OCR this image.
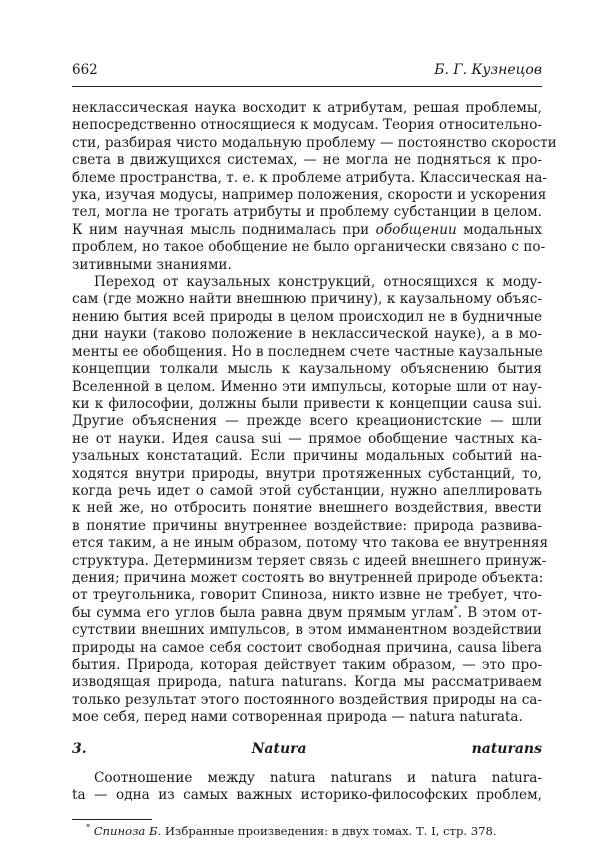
662	Б. Г. Кузнецов
неклассическая наука восходит к атрибутам, решая проблемы,
непосредственно относящиеся к модусам. Теория относительно-
сти, разбирая чисто модальную проблему — постоянство скорости
света в движущихся системах, — не могла не подняться к про-
блеме пространства, т. е. к проблеме атрибута. Классическая на-
ука, изучая модусы, например положения, скорости и ускорения
тел, могла не трогать атрибуты и проблему субстанции в целом.
К ним научная мысль поднималась при обобщении модальных
проблем, но такое обобщение не было органически связано с по-
зитивными знаниями.
Переход от каузальных конструкций, относящихся к моду-
сам (где можно найти внешнюю причину), к каузальному объяс-
нению бытия всей природы в целом происходил не в будничные
дни науки (таково положение в неклассической науке), а в мо-
менты ее обобщения. Но в последнем счете частные каузальные
концепции толкали мысль к каузальному объяснению бытия
Вселенной в целом. Именно эти импульсы, которые шли от нау-
ки к философии, должны были привести к концепции causa sui.
Другие объяснения — прежде всего креационистские — шли
не от науки. Идея causa sui — прямое обобщение частных ка-
узальных констатаций. Если причины модальных событий на-
ходятся внутри природы, внутри протяженных субстанций, то,
когда речь идет о самой этой субстанции, нужно апеллировать
к ней же, но отбросить понятие внешнего воздействия, ввести
в понятие причины внутреннее воздействие: природа развива-
ется таким, а не иным образом, потому что такова ее внутренняя
структура. Детерминизм теряет связь с идеей внешнего принуж-
дения; причина может состоять во внутренней природе объекта:
от треугольника, говорит Спиноза, никто извне не требует, что-
бы сумма его углов была равна двум прямым углам*. В этом от-
сутствии внешних импульсов, в этом имманентном воздействии
природы на самое себя состоит свободная причина, causa libera
бытия. Природа, которая действует таким образом, — это про-
изводящая природа, natura naturans. Когда мы рассматриваем
только результат этого постоянного воздействия природы на са-
мое себя, перед нами сотворенная природа — natura naturata.
3. Natura naturans
Соотношение между natura naturans и natura natura-
ta — одна из самых важных историко-философских проблем,
* Спиноза Б. Избранные произведения: в двух томах. Т. I, стр. 378.
